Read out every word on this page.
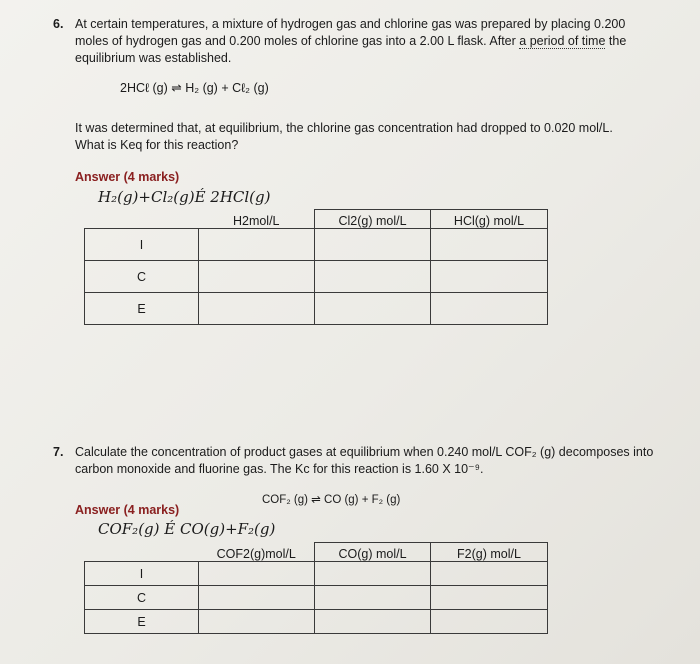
6. At certain temperatures, a mixture of hydrogen gas and chlorine gas was prepared by placing 0.200
moles of hydrogen gas and 0.200 moles of chlorine gas into a 2.00 L flask. After a period of time the
equilibrium was established.
2HCℓ (g) ⇌ H₂ (g) + Cℓ₂ (g)
It was determined that, at equilibrium, the chlorine gas concentration had dropped to 0.020 mol/L.
What is Keq for this reaction?
Answer (4 marks)
H₂(g)+Cl₂(g)É 2HCl(g)
	H2mol/L	Cl2(g) mol/L	HCl(g) mol/L
I			
C			
E			
7. Calculate the concentration of product gases at equilibrium when 0.240 mol/L COF₂ (g) decomposes into
carbon monoxide and fluorine gas. The Kc for this reaction is 1.60 X 10⁻⁹.
COF₂ (g) ⇌ CO (g) + F₂ (g)
Answer (4 marks)
COF₂(g) É CO(g)+F₂(g)
	COF2(g)mol/L	CO(g) mol/L	F2(g) mol/L
I			
C			
E			
